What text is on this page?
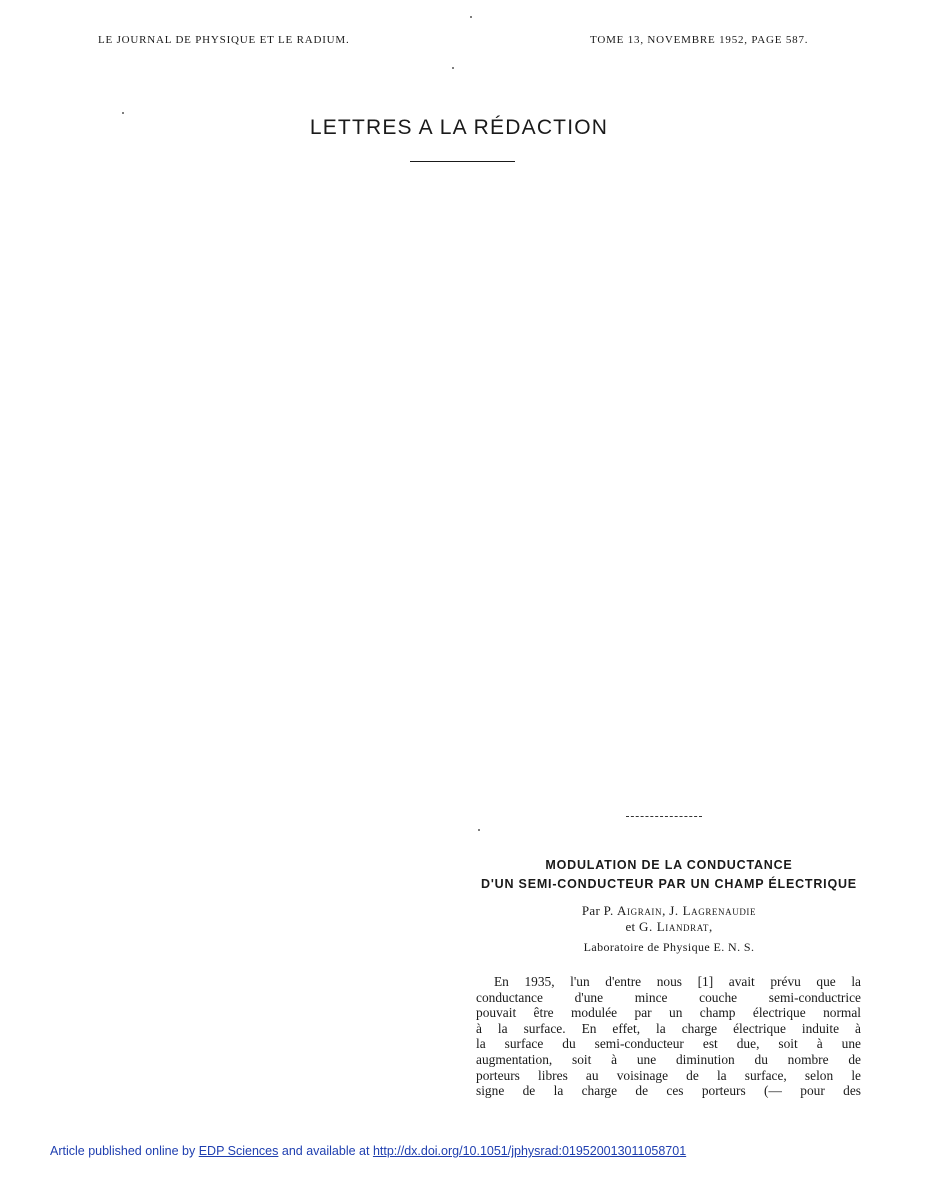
LE JOURNAL DE PHYSIQUE ET LE RADIUM.	TOME 13, NOVEMBRE 1952, PAGE 587.
LETTRES A LA RÉDACTION
MODULATION DE LA CONDUCTANCE
D'UN SEMI-CONDUCTEUR PAR UN CHAMP ÉLECTRIQUE
Par P. Aigrain, J. Lagrenaudie
et G. Liandrat,
Laboratoire de Physique E. N. S.
En 1935, l'un d'entre nous [1] avait prévu que la
conductance d'une mince couche semi-conductrice
pouvait être modulée par un champ électrique normal
à la surface. En effet, la charge électrique induite à
la surface du semi-conducteur est due, soit à une
augmentation, soit à une diminution du nombre de
porteurs libres au voisinage de la surface, selon le
signe de la charge de ces porteurs (— pour des
Article published online by EDP Sciences and available at http://dx.doi.org/10.1051/jphysrad:019520013011058701
